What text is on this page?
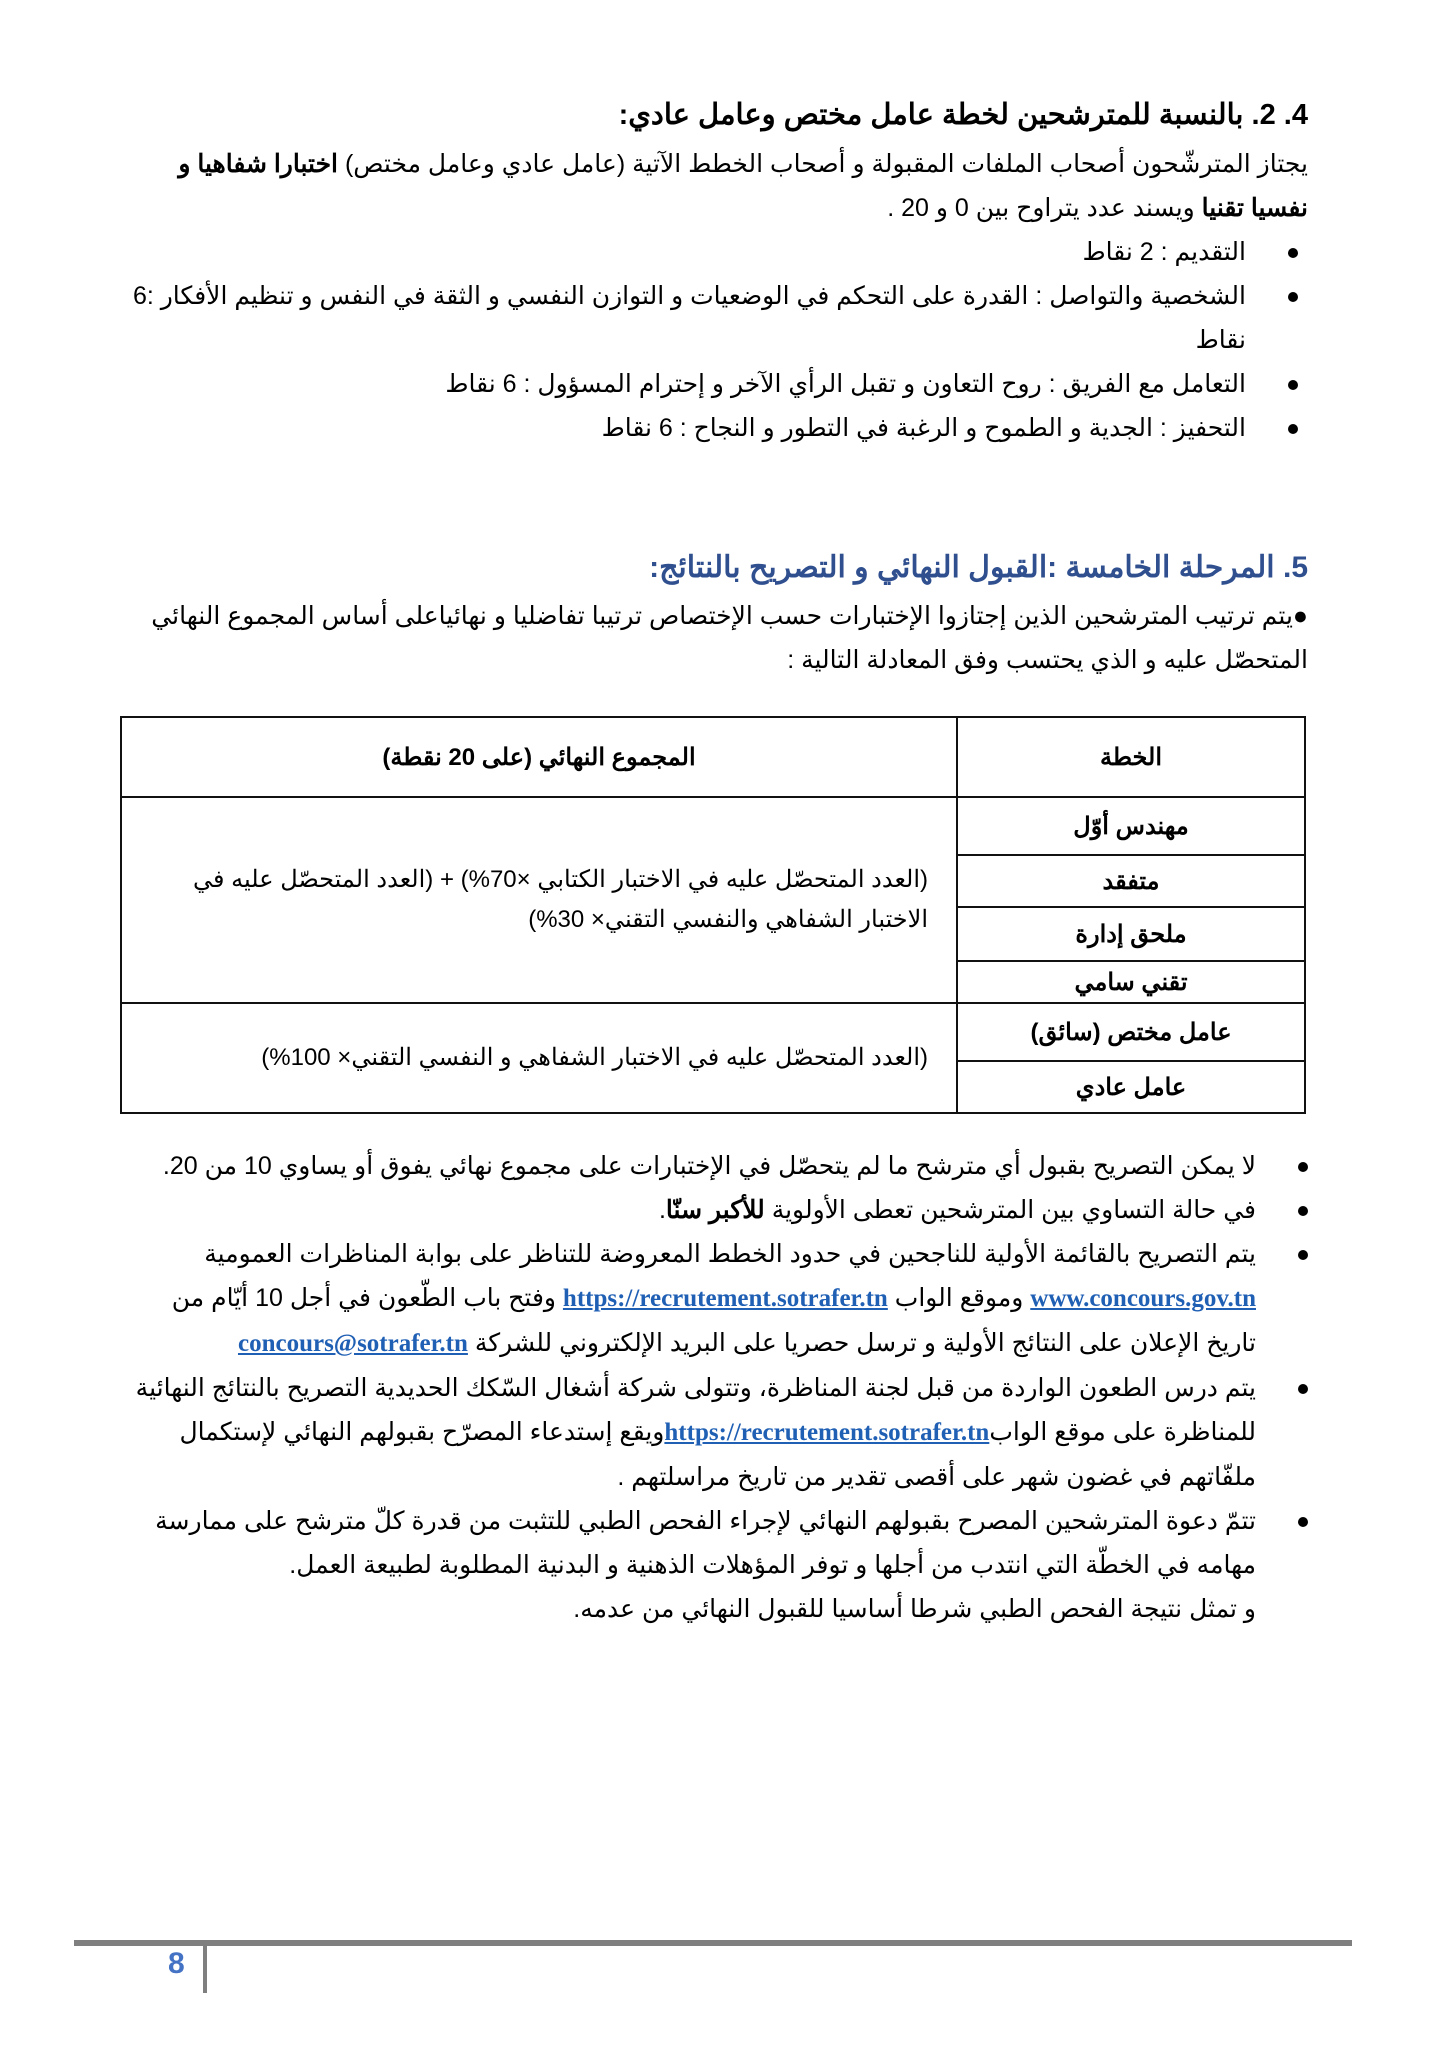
4. 2. بالنسبة للمترشحين لخطة عامل مختص وعامل عادي:
يجتاز المترشّحون أصحاب الملفات المقبولة و أصحاب الخطط الآتية (عامل عادي وعامل مختص) اختبارا شفاهيا و نفسيا تقنيا ويسند عدد يتراوح بين 0 و 20 .
التقديم : 2 نقاط
الشخصية والتواصل : القدرة على التحكم في الوضعيات و التوازن النفسي و الثقة في النفس و تنظيم الأفكار :6 نقاط
التعامل مع الفريق : روح التعاون و تقبل الرأي الآخر و إحترام المسؤول : 6 نقاط
التحفيز : الجدية و الطموح و الرغبة في التطور و النجاح : 6 نقاط
5. المرحلة الخامسة :القبول النهائي و التصريح بالنتائج:
●يتم ترتيب المترشحين الذين إجتازوا الإختبارات حسب الإختصاص ترتيبا تفاضليا و نهائياعلى أساس المجموع النهائي المتحصّل عليه و الذي يحتسب وفق المعادلة التالية :
الخطة	المجموع النهائي (على 20 نقطة)
مهندس أوّل	(العدد المتحصّل عليه في الاختبار الكتابي ×70%) + (العدد المتحصّل عليه في الاختبار الشفاهي والنفسي التقني× 30%)
متفقد	
ملحق إدارة	
تقني سامي	
عامل مختص (سائق)	(العدد المتحصّل عليه في الاختبار الشفاهي و النفسي التقني× 100%)
عامل عادي	
لا يمكن التصريح بقبول أي مترشح ما لم يتحصّل في الإختبارات على مجموع نهائي يفوق أو يساوي 10 من 20.
في حالة التساوي بين المترشحين تعطى الأولوية للأكبر سنّا.
يتم التصريح بالقائمة الأولية للناجحين في حدود الخطط المعروضة للتناظر على بوابة المناظرات العمومية www.concours.gov.tn وموقع الواب https://recrutement.sotrafer.tn وفتح باب الطّعون في أجل 10 أيّام من تاريخ الإعلان على النتائج الأولية و ترسل حصريا على البريد الإلكتروني للشركة concours@sotrafer.tn
يتم درس الطعون الواردة من قبل لجنة المناظرة، وتتولى شركة أشغال السّكك الحديدية التصريح بالنتائج النهائية للمناظرة على موقع الوابhttps://recrutement.sotrafer.tnويقع إستدعاء المصرّح بقبولهم النهائي لإستكمال ملفّاتهم في غضون شهر على أقصى تقدير من تاريخ مراسلتهم .
تتمّ دعوة المترشحين المصرح بقبولهم النهائي لإجراء الفحص الطبي للتثبت من قدرة كلّ مترشح على ممارسة مهامه في الخطّة التي انتدب من أجلها و توفر المؤهلات الذهنية و البدنية المطلوبة لطبيعة العمل.
و تمثل نتيجة الفحص الطبي شرطا أساسيا للقبول النهائي من عدمه.
8
